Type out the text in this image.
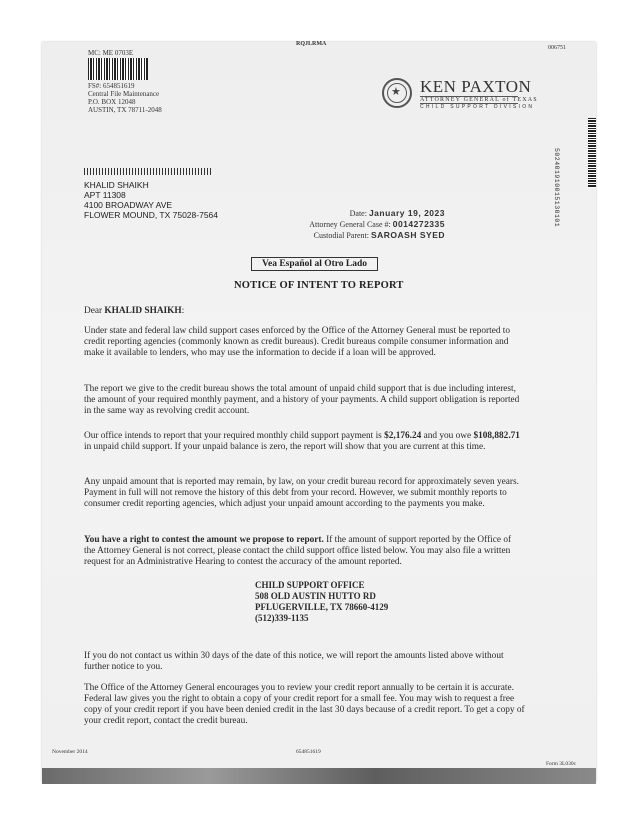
RQJLRMA
006751
MC: ME 0703E
FS#: 654851619
Central File Maintenance
P.O. BOX 12048
AUSTIN, TX 78711-2048
★
KEN PAXTON
ATTORNEY GENERAL of TEXAS
CHILD SUPPORT DIVISION
502401910015130101
KHALID SHAIKH
APT 11308
4100 BROADWAY AVE
FLOWER MOUND, TX 75028-7564	Date: January 19, 2023
Attorney General Case #: 0014272335
Custodial Parent: SAROASH SYED
Vea Español al Otro Lado
NOTICE OF INTENT TO REPORT
Dear KHALID SHAIKH:
Under state and federal law child support cases enforced by the Office of the Attorney General must be reported to credit reporting agencies (commonly known as credit bureaus). Credit bureaus compile consumer information and make it available to lenders, who may use the information to decide if a loan will be approved.
The report we give to the credit bureau shows the total amount of unpaid child support that is due including interest, the amount of your required monthly payment, and a history of your payments. A child support obligation is reported in the same way as revolving credit account.
Our office intends to report that your required monthly child support payment is $2,176.24 and you owe $108,882.71 in unpaid child support. If your unpaid balance is zero, the report will show that you are current at this time.
Any unpaid amount that is reported may remain, by law, on your credit bureau record for approximately seven years. Payment in full will not remove the history of this debt from your record. However, we submit monthly reports to consumer credit reporting agencies, which adjust your unpaid amount according to the payments you make.
You have a right to contest the amount we propose to report. If the amount of support reported by the Office of the Attorney General is not correct, please contact the child support office listed below. You may also file a written request for an Administrative Hearing to contest the accuracy of the amount reported.
CHILD SUPPORT OFFICE
508 OLD AUSTIN HUTTO RD
PFLUGERVILLE, TX 78660-4129
(512)339-1135
If you do not contact us within 30 days of the date of this notice, we will report the amounts listed above without further notice to you.
The Office of the Attorney General encourages you to review your credit report annually to be certain it is accurate. Federal law gives you the right to obtain a copy of your credit report for a small fee. You may wish to request a free copy of your credit report if you have been denied credit in the last 30 days because of a credit report. To get a copy of your credit report, contact the credit bureau.
November 2014	654851619
Form 3L030c
